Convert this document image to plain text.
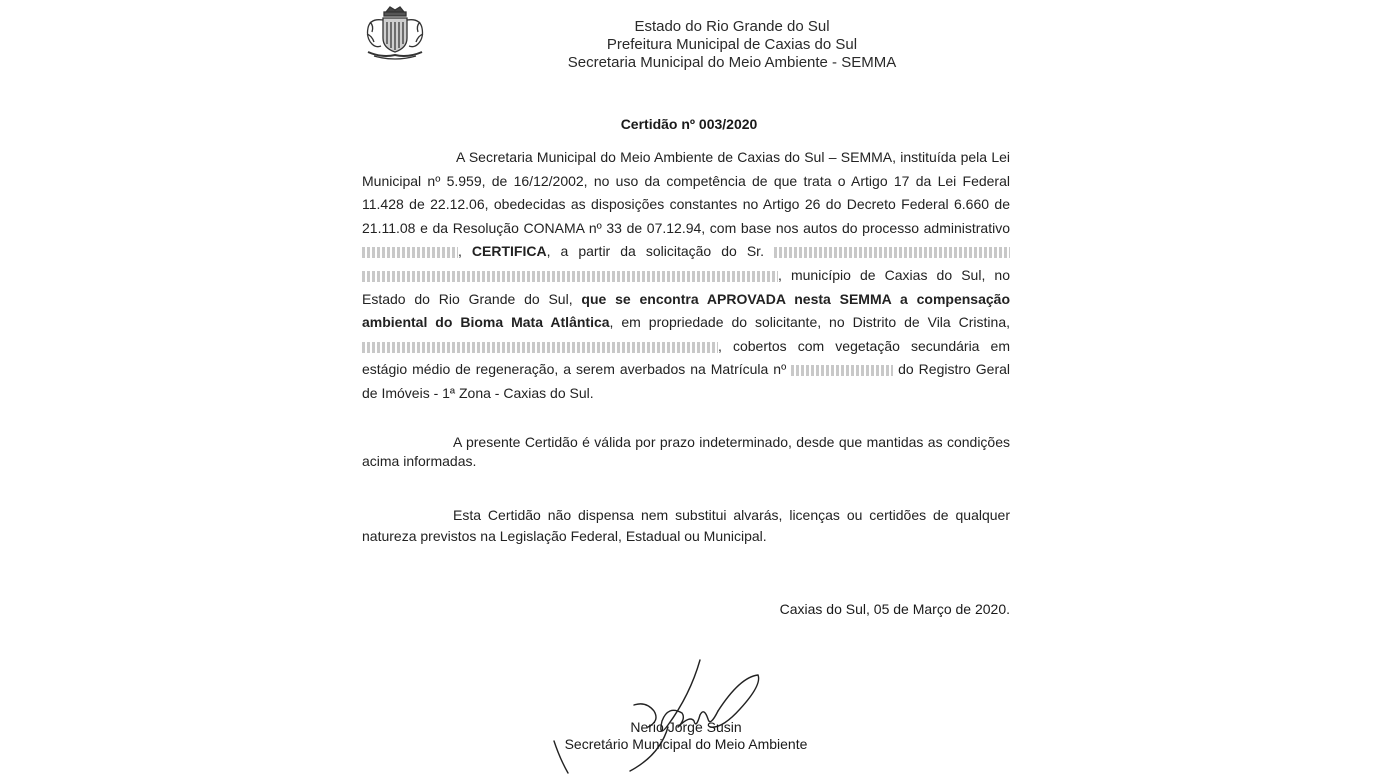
Estado do Rio Grande do Sul
Prefeitura Municipal de Caxias do Sul
Secretaria Municipal do Meio Ambiente - SEMMA
Certidão nº 003/2020
A Secretaria Municipal do Meio Ambiente de Caxias do Sul – SEMMA, instituída pela Lei Municipal nº 5.959, de 16/12/2002, no uso da competência de que trata o Artigo 17 da Lei Federal 11.428 de 22.12.06, obedecidas as disposições constantes no Artigo 26 do Decreto Federal 6.660 de 21.11.08 e da Resolução CONAMA nº 33 de 07.12.94, com base nos autos do processo administrativo , CERTIFICA, a partir da solicitação do Sr.  , município de Caxias do Sul, no Estado do Rio Grande do Sul, que se encontra APROVADA nesta SEMMA a compensação ambiental do Bioma Mata Atlântica, em propriedade do solicitante, no Distrito de Vila Cristina, , cobertos com vegetação secundária em estágio médio de regeneração, a serem averbados na Matrícula nº	do Registro Geral de Imóveis - 1ª Zona - Caxias do Sul.
A presente Certidão é válida por prazo indeterminado, desde que mantidas as condições acima informadas.
Esta Certidão não dispensa nem substitui alvarás, licenças ou certidões de qualquer natureza previstos na Legislação Federal, Estadual ou Municipal.
Caxias do Sul, 05 de Março de 2020.
Nerio Jorge Susin
Secretário Municipal do Meio Ambiente
